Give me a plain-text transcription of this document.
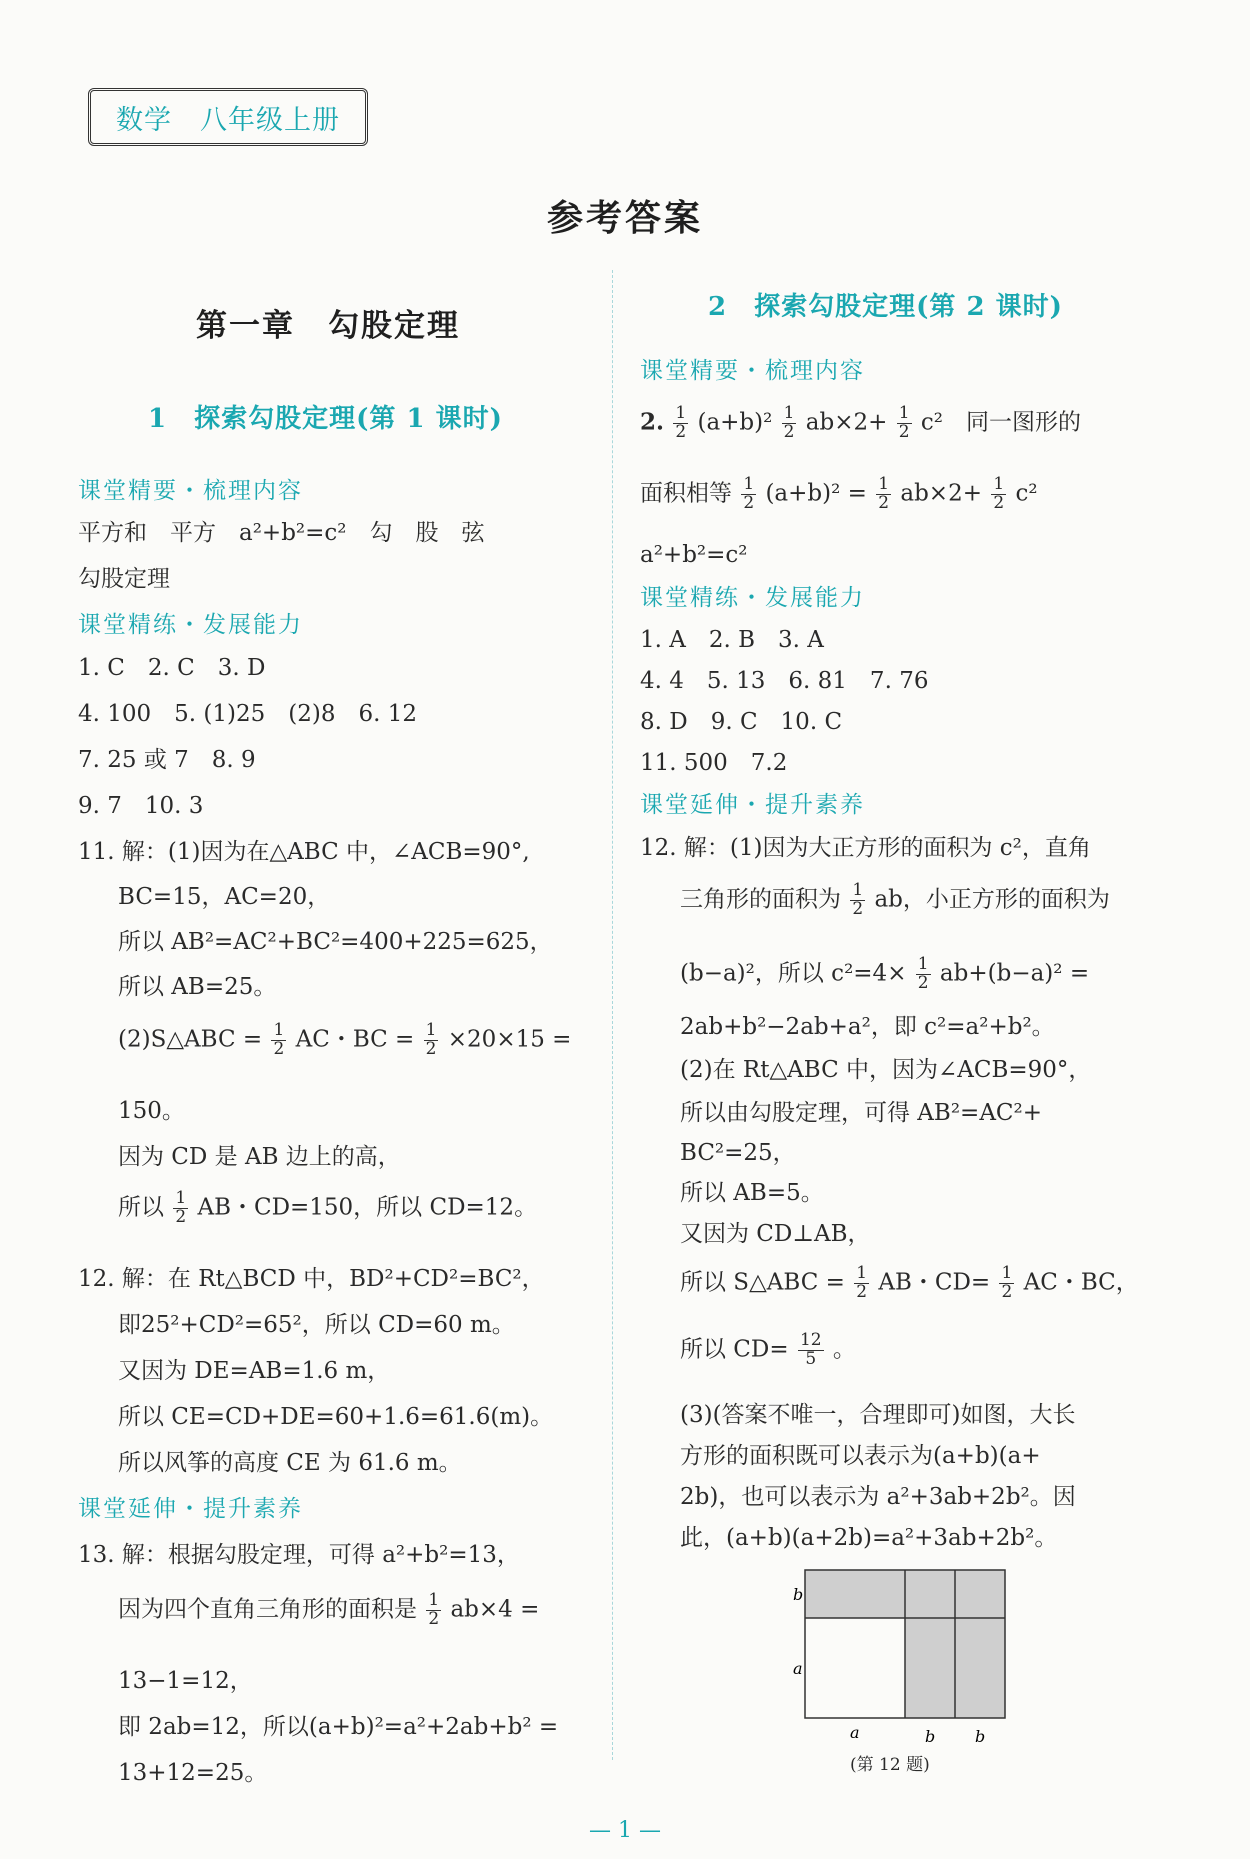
数学　八年级上册
参考答案
第一章　勾股定理
1　探索勾股定理(第 1 课时)
课堂精要・梳理内容
平方和　平方　a²+b²=c²　勾　股　弦
勾股定理
课堂精练・发展能力
1. C　2. C　3. D
4. 100　5. (1)25　(2)8　6. 12
7. 25 或 7　8. 9
9. 7　10. 3
11. 解：(1)因为在△ABC 中，∠ACB=90°,
BC=15，AC=20，
所以 AB²=AC²+BC²=400+225=625，
所以 AB=25。
(2)S△ABC = $\frac{1}{2}$ AC・BC = $\frac{1}{2} \times 20\times 15$ =
150。
因为 CD 是 AB 边上的高，
所以 $\frac{1}{2}$ AB・CD=150，所以 CD=12。
12. 解：在 Rt△BCD 中，BD²+CD²=BC²，
即25²+CD²=65²，所以 CD=60 m。
又因为 DE=AB=1.6 m，
所以 CE=CD+DE=60+1.6=61.6(m)。
所以风筝的高度 CE 为 61.6 m。
课堂延伸・提升素养
13. 解：根据勾股定理，可得 a²+b²=13，
因为四个直角三角形的面积是 $\frac{1}{2} ab\times 4$ =
13−1=12，
即 2ab=12，所以(a+b)²=a²+2ab+b² =
13+12=25。
2　探索勾股定理(第 2 课时)
课堂精要・梳理内容
2. $\frac{1}{2} (a+b)^2 \frac{1}{2} ab\times 2+ \frac{1}{2} c^2$　同一图形的
面积相等 $\frac{1}{2} (a+b)^2 = \frac{1}{2} ab\times 2+ \frac{1}{2} c^2$
a²+b²=c²
课堂精练・发展能力
1. A　2. B　3. A
4. 4　5. 13　6. 81　7. 76
8. D　9. C　10. C
11. 500　7.2
课堂延伸・提升素养
12. 解：(1)因为大正方形的面积为 c²，直角
三角形的面积为 $\frac{1}{2}$ ab，小正方形的面积为
(b−a)²，所以 $c^2=4\times \frac{1}{2} ab+(b-a)^2$ =
2ab+b²−2ab+a²，即 c²=a²+b²。
(2)在 Rt△ABC 中，因为∠ACB=90°，
所以由勾股定理，可得 AB²=AC²+
BC²=25，
所以 AB=5。
又因为 CD⊥AB，
所以 S△ABC = $\frac{1}{2}$ AB・$CD= \frac{1}{2}$ AC・BC，
所以 $CD= \frac{12}{5}$ 。
(3)(答案不唯一，合理即可)如图，大长
方形的面积既可以表示为(a+b)(a+
2b)，也可以表示为 a²+3ab+2b²。因
此，(a+b)(a+2b)=a²+3ab+2b²。
b
a
a	b b
(第 12 题)
— 1 —
